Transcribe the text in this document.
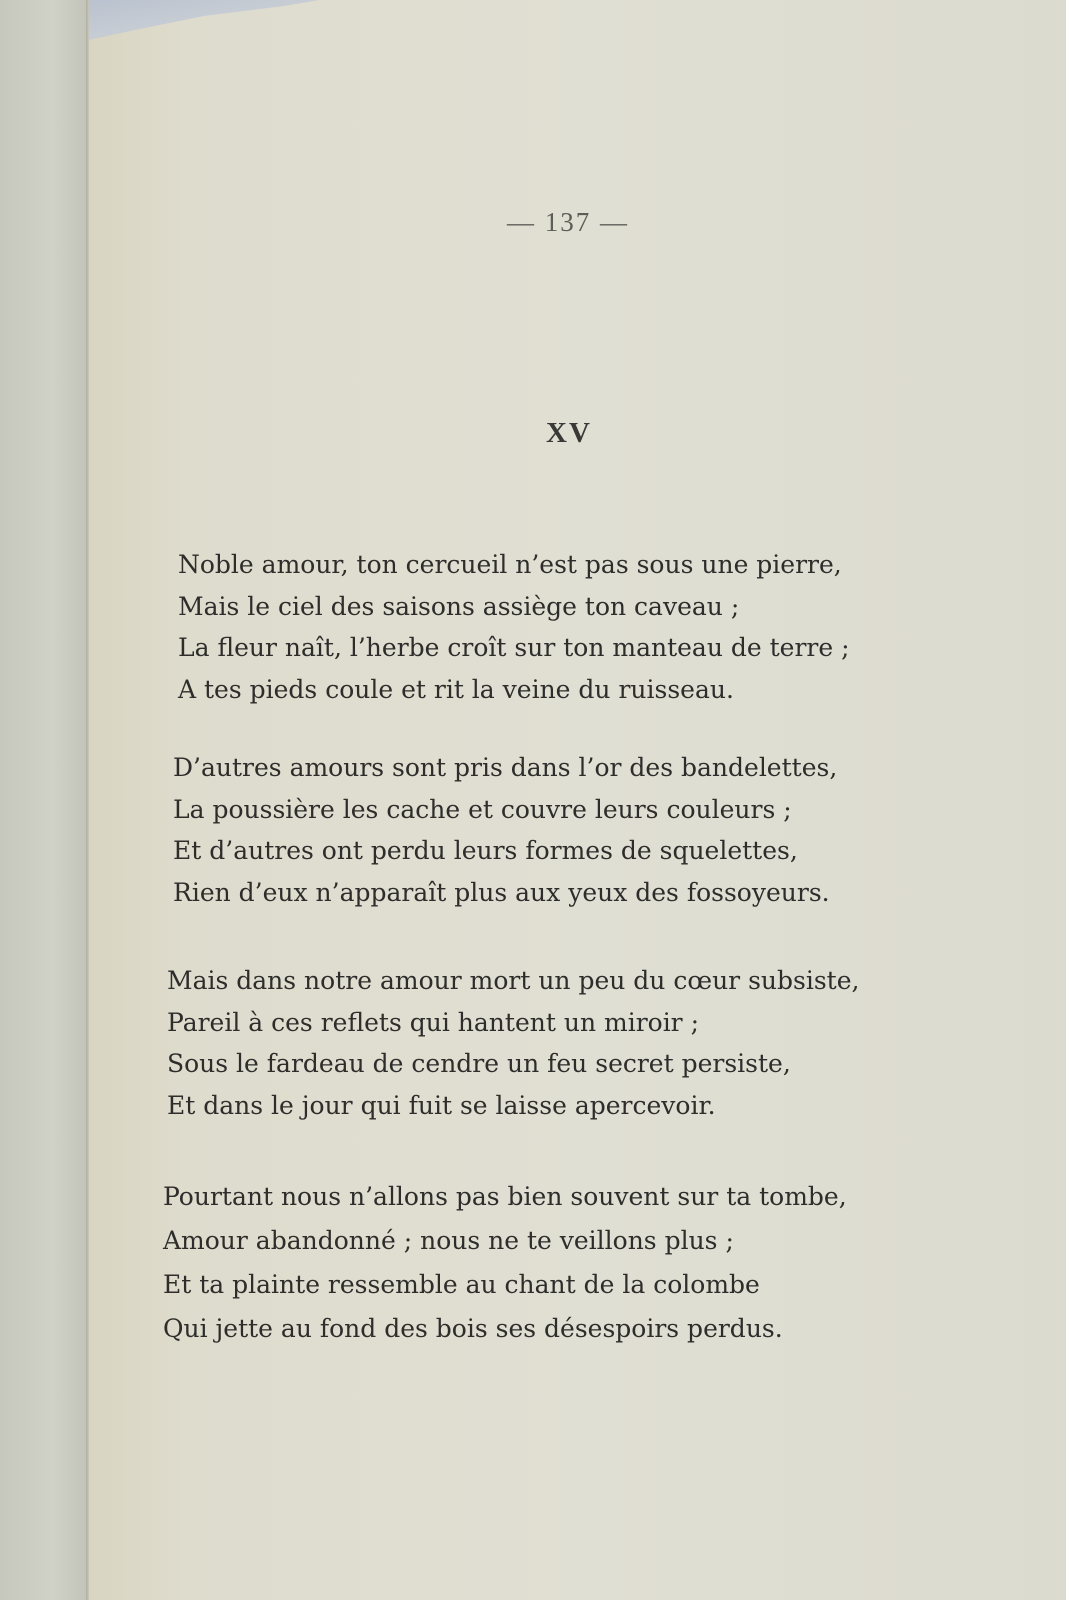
— 137 —
XV
Noble amour, ton cercueil n’est pas sous une pierre,
Mais le ciel des saisons assiège ton caveau ;
La fleur naît, l’herbe croît sur ton manteau de terre ;
A tes pieds coule et rit la veine du ruisseau.
D’autres amours sont pris dans l’or des bandelettes,
La poussière les cache et couvre leurs couleurs ;
Et d’autres ont perdu leurs formes de squelettes,
Rien d’eux n’apparaît plus aux yeux des fossoyeurs.
Mais dans notre amour mort un peu du cœur subsiste,
Pareil à ces reflets qui hantent un miroir ;
Sous le fardeau de cendre un feu secret persiste,
Et dans le jour qui fuit se laisse apercevoir.
Pourtant nous n’allons pas bien souvent sur ta tombe,
Amour abandonné ; nous ne te veillons plus ;
Et ta plainte ressemble au chant de la colombe
Qui jette au fond des bois ses désespoirs perdus.
